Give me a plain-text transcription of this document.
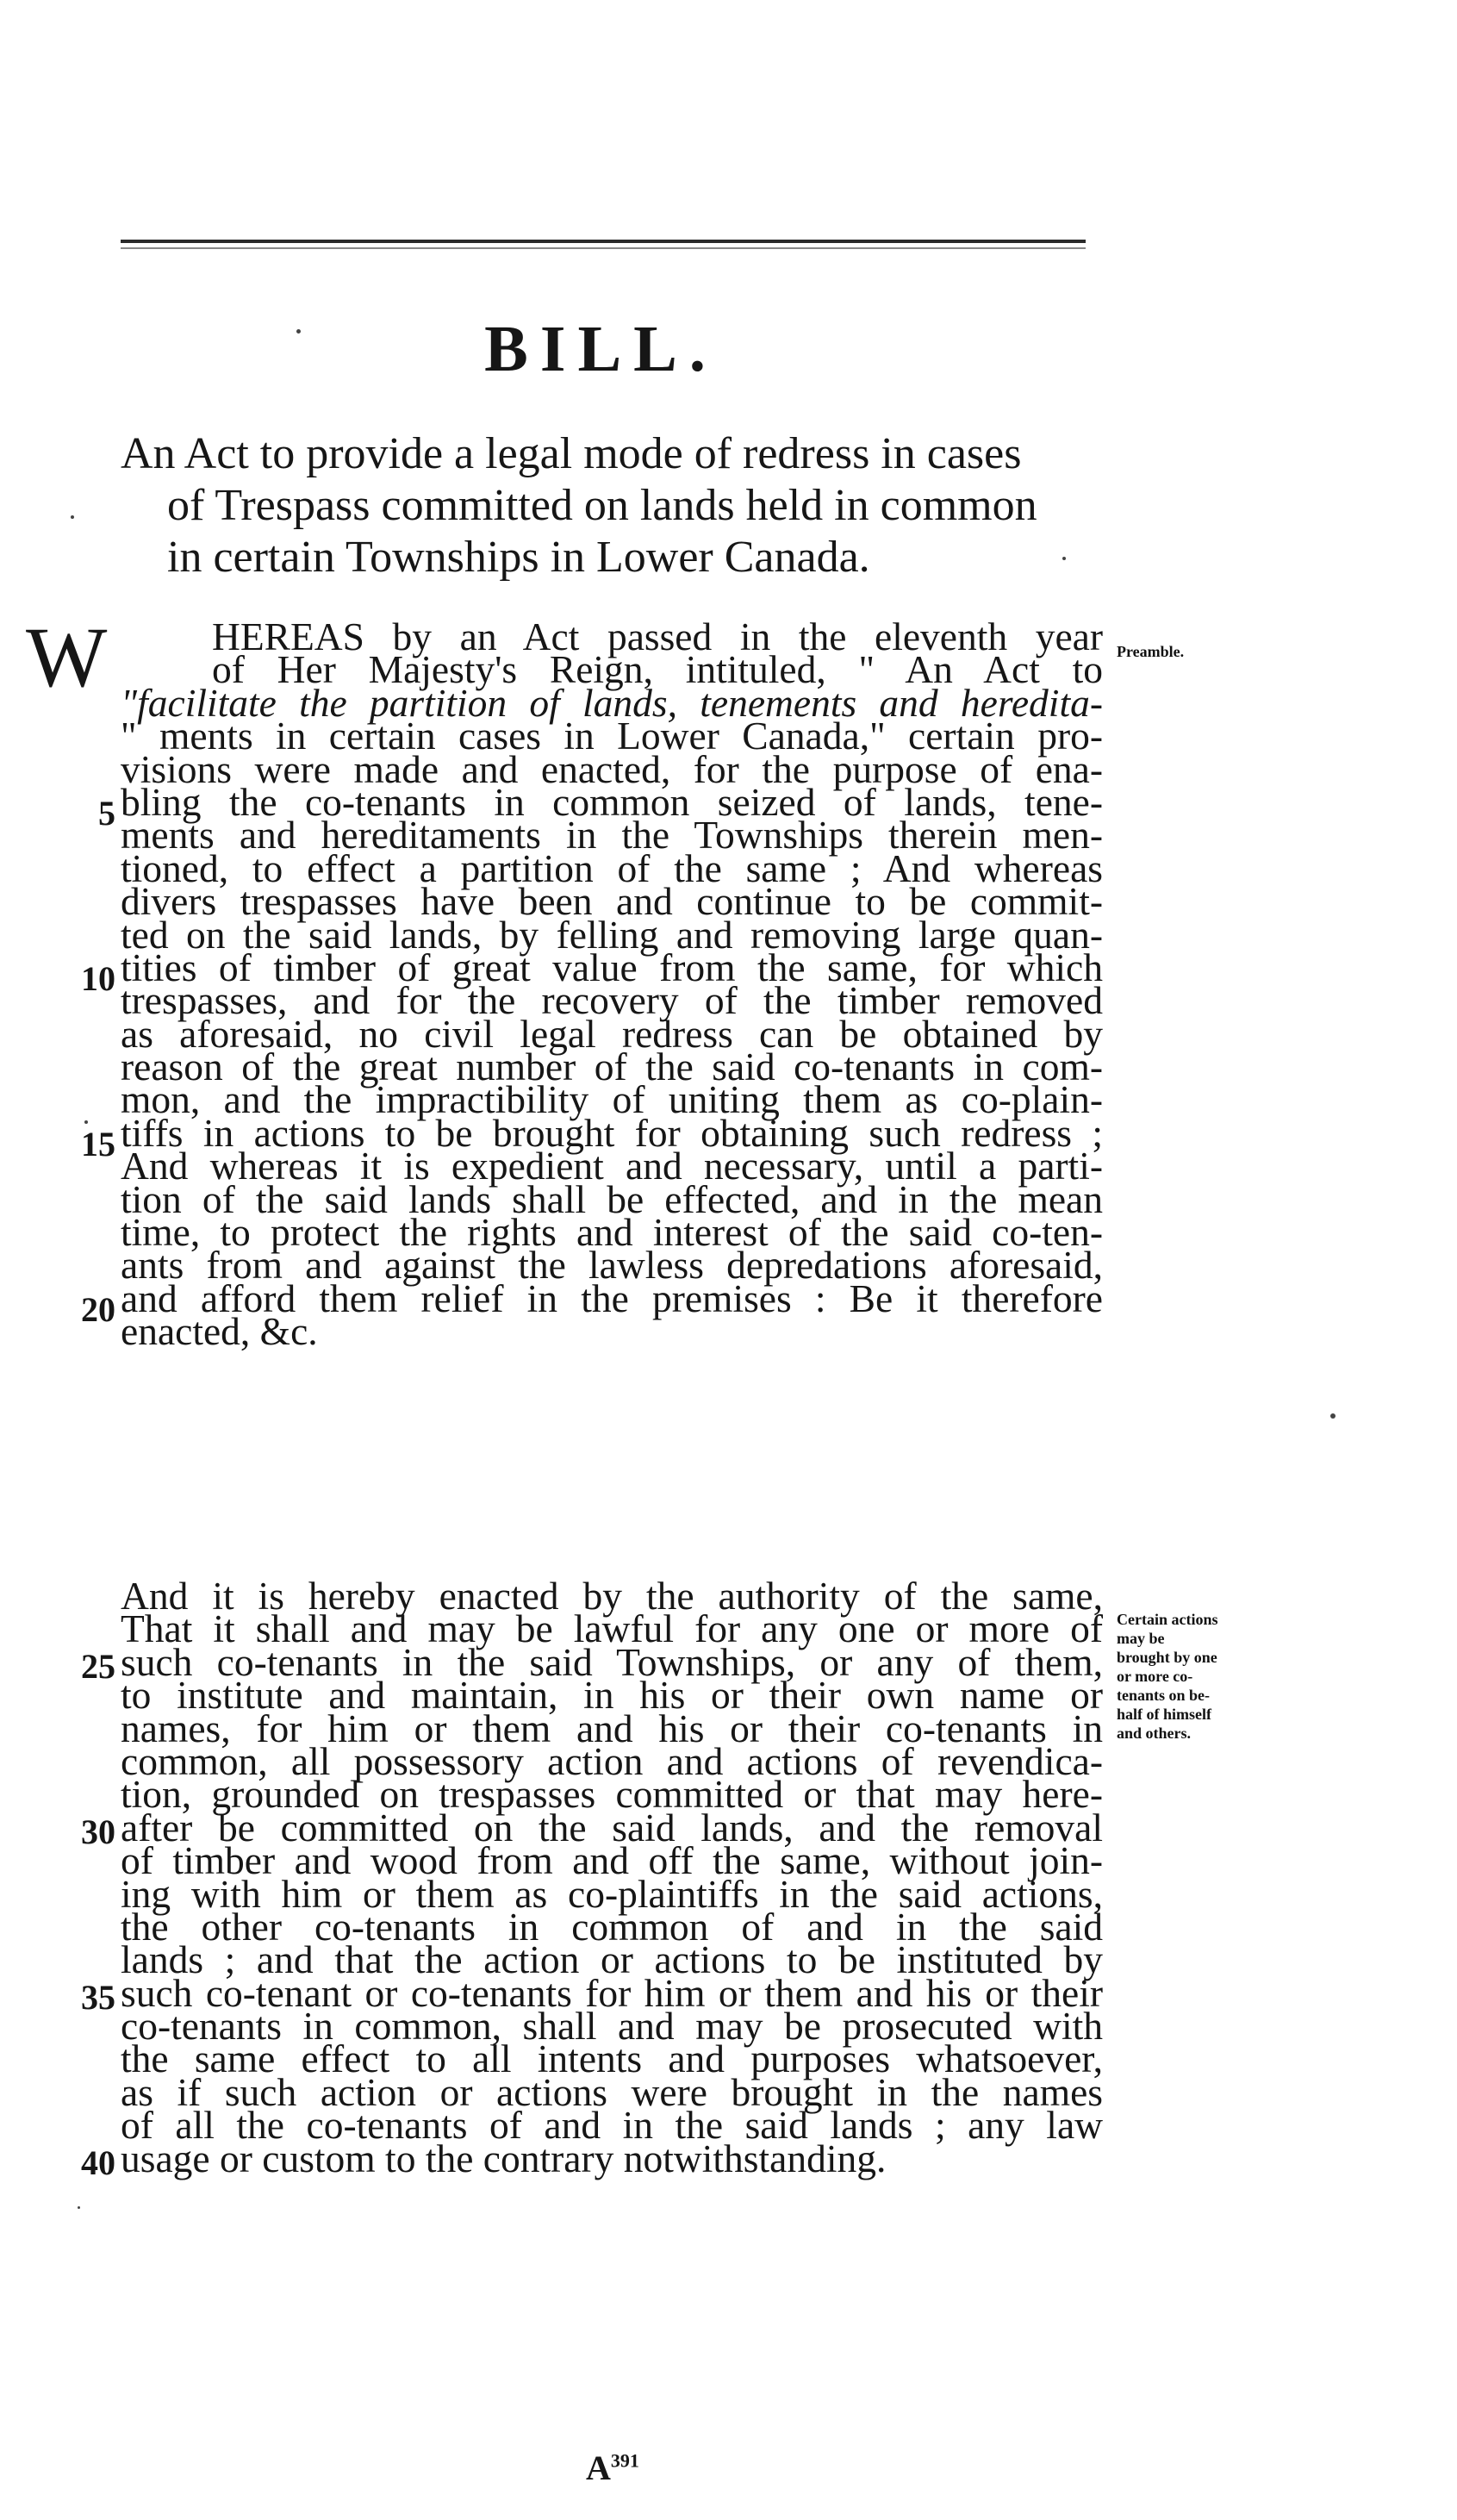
BILL.
An Act to provide a legal mode of redress in cases
of Trespass committed on lands held in common
in certain Townships in Lower Canada.
W	Preamble.
HEREAS by an Act passed in the eleventh year
of Her Majesty's Reign, intituled, " An Act to
"facilitate the partition of lands, tenements and heredita-
" ments in certain cases in Lower Canada," certain pro-
visions were made and enacted, for the purpose of ena-
bling the co-tenants in common seized of lands, tene-
ments and hereditaments in the Townships therein men-
tioned, to effect a partition of the same ; And whereas
divers trespasses have been and continue to be commit-
ted on the said lands, by felling and removing large quan-
tities of timber of great value from the same, for which
trespasses, and for the recovery of the timber removed
as aforesaid, no civil legal redress can be obtained by
reason of the great number of the said co-tenants in com-
mon, and the impractibility of uniting them as co-plain-
tiffs in actions to be brought for obtaining such redress ;
And whereas it is expedient and necessary, until a parti-
tion of the said lands shall be effected, and in the mean
time, to protect the rights and interest of the said co-ten-
ants from and against the lawless depredations aforesaid,
and afford them relief in the premises : Be it therefore
enacted, &c.
5
10
15
20
Certain actions
may be
brought by one
or more co-
tenants on be-
half of himself
and others.
And it is hereby enacted by the authority of the same,
That it shall and may be lawful for any one or more of
such co-tenants in the said Townships, or any of them,
to institute and maintain, in his or their own name or
names, for him or them and his or their co-tenants in
common, all possessory action and actions of revendica-
tion, grounded on trespasses committed or that may here-
after be committed on the said lands, and the removal
of timber and wood from and off the same, without join-
ing with him or them as co-plaintiffs in the said actions,
the other co-tenants in common of and in the said
lands ; and that the action or actions to be instituted by
such co-tenant or co-tenants for him or them and his or their
co-tenants in common, shall and may be prosecuted with
the same effect to all intents and purposes whatsoever,
as if such action or actions were brought in the names
of all the co-tenants of and in the said lands ; any law
usage or custom to the contrary notwithstanding.
25
30
35
40
$A^{391}$
